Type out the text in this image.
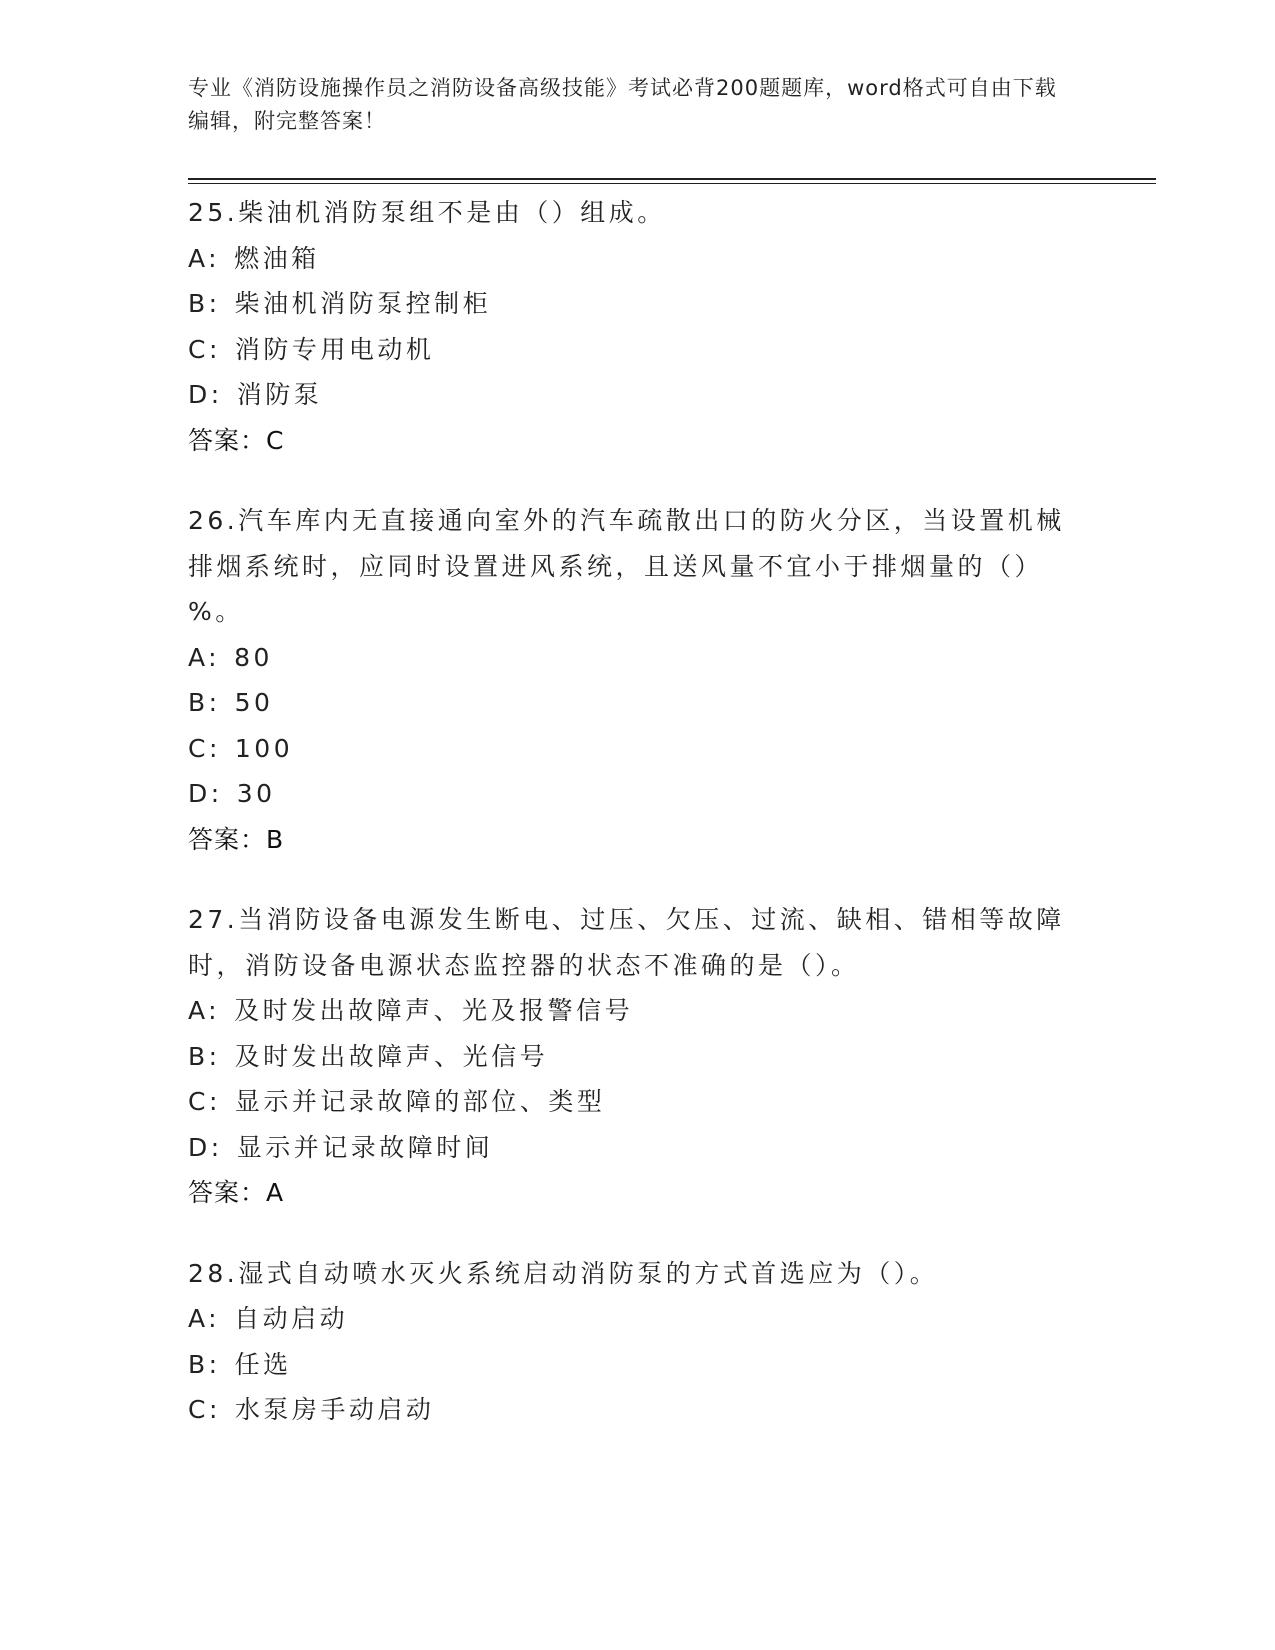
专业《消防设施操作员之消防设备高级技能》考试必背200题题库，word格式可自由下载编辑，附完整答案！
25.柴油机消防泵组不是由（）组成。
A: 燃油箱
B: 柴油机消防泵控制柜
C: 消防专用电动机
D: 消防泵
答案：C
26.汽车库内无直接通向室外的汽车疏散出口的防火分区，当设置机械排烟系统时，应同时设置进风系统，且送风量不宜小于排烟量的（）%。
A: 80
B: 50
C: 100
D: 30
答案：B
27.当消防设备电源发生断电、过压、欠压、过流、缺相、错相等故障时，消防设备电源状态监控器的状态不准确的是（）。
A: 及时发出故障声、光及报警信号
B: 及时发出故障声、光信号
C: 显示并记录故障的部位、类型
D: 显示并记录故障时间
答案：A
28.湿式自动喷水灭火系统启动消防泵的方式首选应为（）。
A: 自动启动
B: 任选
C: 水泵房手动启动
